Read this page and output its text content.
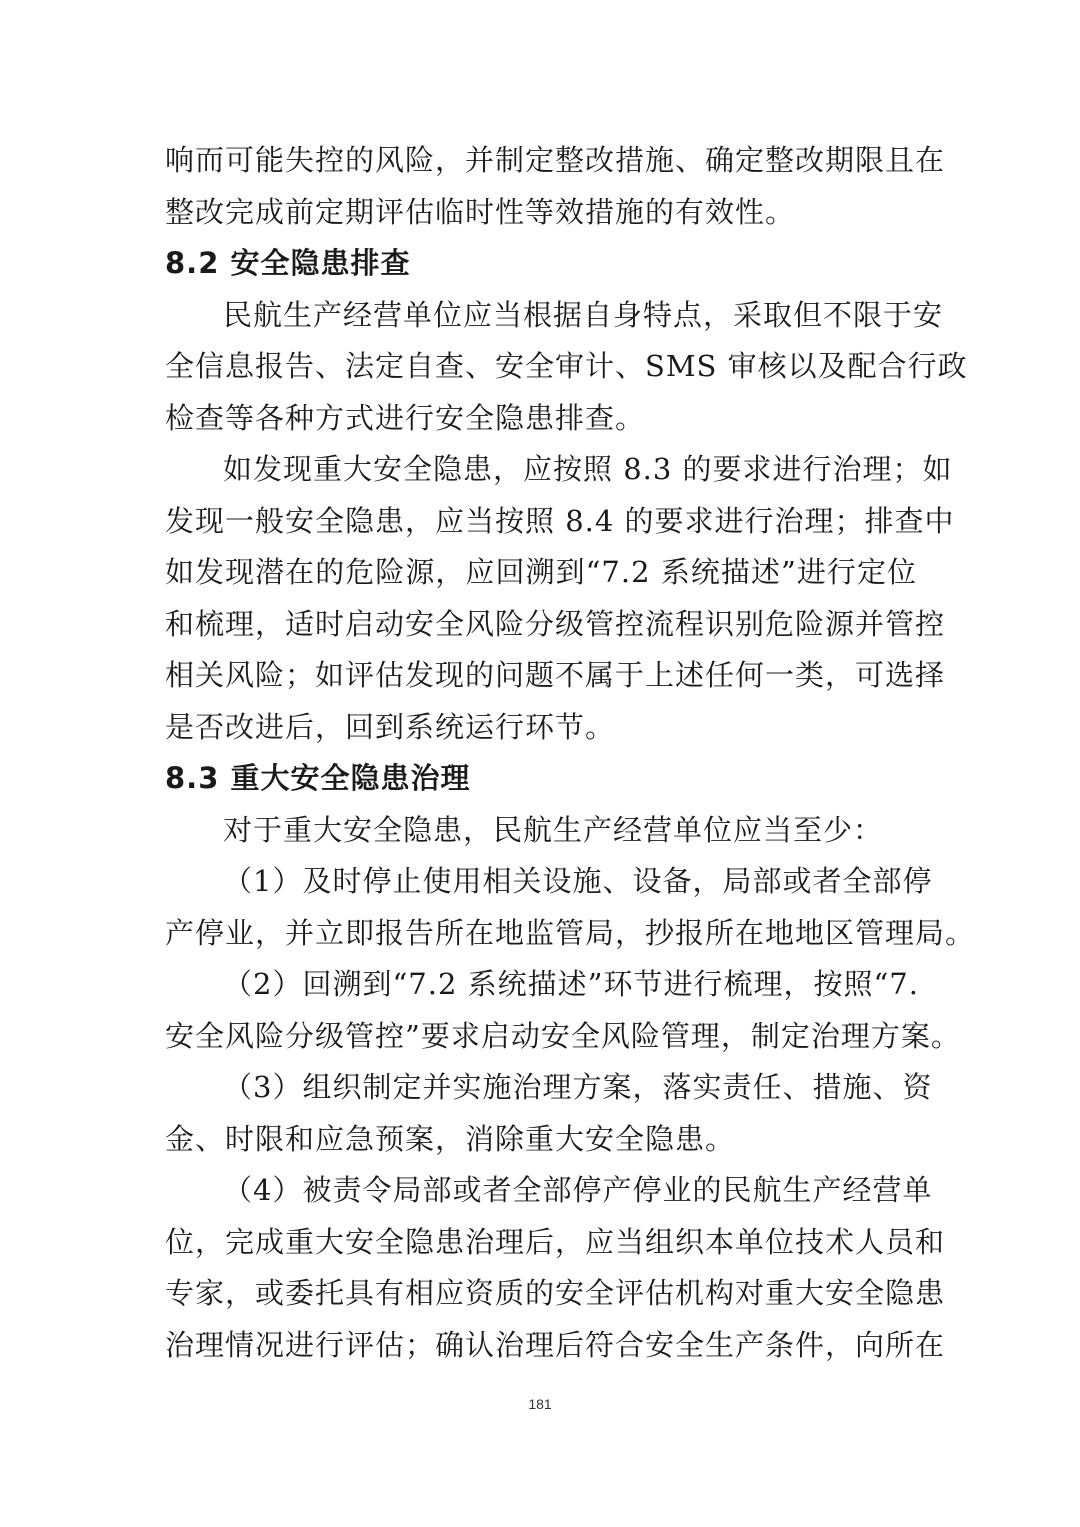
响而可能失控的风险，并制定整改措施、确定整改期限且在
整改完成前定期评估临时性等效措施的有效性。
8.2 安全隐患排查
民航生产经营单位应当根据自身特点，采取但不限于安
全信息报告、法定自查、安全审计、SMS 审核以及配合行政
检查等各种方式进行安全隐患排查。
如发现重大安全隐患，应按照 8.3 的要求进行治理；如
发现一般安全隐患，应当按照 8.4 的要求进行治理；排查中
如发现潜在的危险源，应回溯到“7.2 系统描述”进行定位
和梳理，适时启动安全风险分级管控流程识别危险源并管控
相关风险；如评估发现的问题不属于上述任何一类，可选择
是否改进后，回到系统运行环节。
8.3 重大安全隐患治理
对于重大安全隐患，民航生产经营单位应当至少：
（1）及时停止使用相关设施、设备，局部或者全部停
产停业，并立即报告所在地监管局，抄报所在地地区管理局。
（2）回溯到“7.2 系统描述”环节进行梳理，按照“7.
安全风险分级管控”要求启动安全风险管理，制定治理方案。
（3）组织制定并实施治理方案，落实责任、措施、资
金、时限和应急预案，消除重大安全隐患。
（4）被责令局部或者全部停产停业的民航生产经营单
位，完成重大安全隐患治理后，应当组织本单位技术人员和
专家，或委托具有相应资质的安全评估机构对重大安全隐患
治理情况进行评估；确认治理后符合安全生产条件，向所在
181
